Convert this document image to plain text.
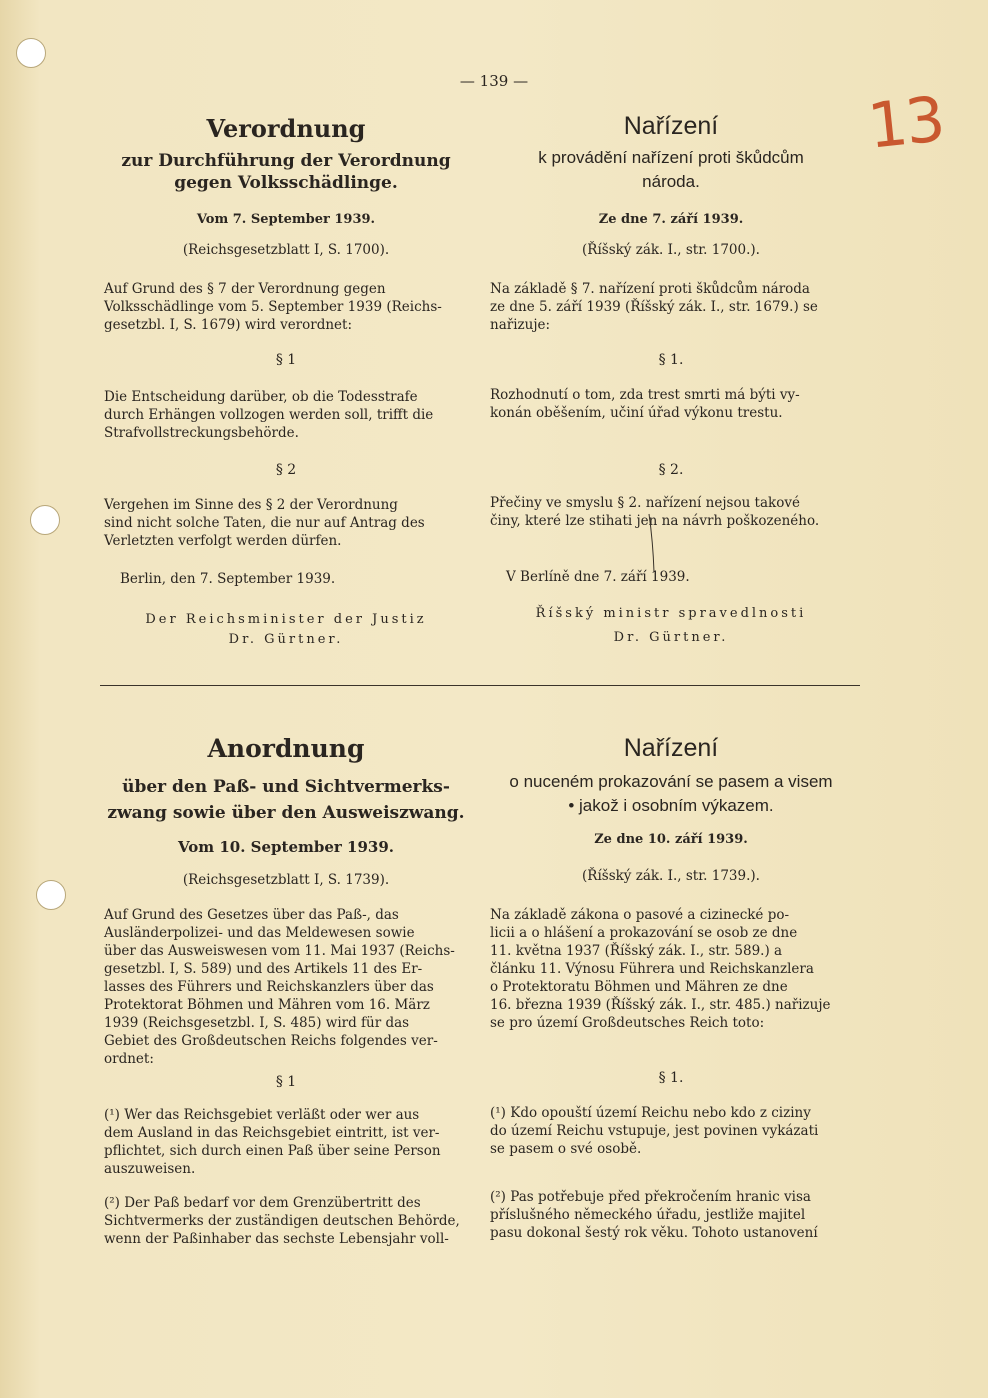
— 139 —
13
Verordnung
zur Durchführung der Verordnung
gegen Volksschädlinge.
Vom 7. September 1939.
(Reichsgesetzblatt I, S. 1700).
Auf Grund des § 7 der Verordnung gegen
Volksschädlinge vom 5. September 1939 (Reichs-
gesetzbl. I, S. 1679) wird verordnet:
§ 1
Die Entscheidung darüber, ob die Todesstrafe
durch Erhängen vollzogen werden soll, trifft die
Strafvollstreckungsbehörde.
§ 2
Vergehen im Sinne des § 2 der Verordnung
sind nicht solche Taten, die nur auf Antrag des
Verletzten verfolgt werden dürfen.
Berlin, den 7. September 1939.
Der Reichsminister der Justiz
Dr. Gürtner.
Nařízení
k provádění nařízení proti škůdcům
národa.
Ze dne 7. září 1939.
(Říšský zák. I., str. 1700.).
Na základě § 7. nařízení proti škůdcům národa
ze dne 5. září 1939 (Říšský zák. I., str. 1679.) se
nařizuje:
§ 1.
Rozhodnutí o tom, zda trest smrti má býti vy-
konán oběšením, učiní úřad výkonu trestu.
§ 2.
Přečiny ve smyslu § 2. nařízení nejsou takové
činy, které lze stihati jen na návrh poškozeného.
V Berlíně dne 7. září 1939.
Říšský ministr spravedlnosti
Dr. Gürtner.
Anordnung
über den Paß- und Sichtvermerks-
zwang sowie über den Ausweiszwang.
Vom 10. September 1939.
(Reichsgesetzblatt I, S. 1739).
Auf Grund des Gesetzes über das Paß-, das
Ausländerpolizei- und das Meldewesen sowie
über das Ausweiswesen vom 11. Mai 1937 (Reichs-
gesetzbl. I, S. 589) und des Artikels 11 des Er-
lasses des Führers und Reichskanzlers über das
Protektorat Böhmen und Mähren vom 16. März
1939 (Reichsgesetzbl. I, S. 485) wird für das
Gebiet des Großdeutschen Reichs folgendes ver-
ordnet:
§ 1
(¹) Wer das Reichsgebiet verläßt oder wer aus
dem Ausland in das Reichsgebiet eintritt, ist ver-
pflichtet, sich durch einen Paß über seine Person
auszuweisen.
(²) Der Paß bedarf vor dem Grenzübertritt des
Sichtvermerks der zuständigen deutschen Behörde,
wenn der Paßinhaber das sechste Lebensjahr voll-
Nařízení
o nuceném prokazování se pasem a visem
• jakož i osobním výkazem.
Ze dne 10. září 1939.
(Říšský zák. I., str. 1739.).
Na základě zákona o pasové a cizinecké po-
licii a o hlášení a prokazování se osob ze dne
11. května 1937 (Říšský zák. I., str. 589.) a
článku 11. Výnosu Führera und Reichskanzlera
o Protektoratu Böhmen und Mähren ze dne
16. března 1939 (Říšský zák. I., str. 485.) nařizuje
se pro území Großdeutsches Reich toto:
§ 1.
(¹) Kdo opouští území Reichu nebo kdo z ciziny
do území Reichu vstupuje, jest povinen vykázati
se pasem o své osobě.
(²) Pas potřebuje před překročením hranic visa
příslušného německého úřadu, jestliže majitel
pasu dokonal šestý rok věku. Tohoto ustanovení
